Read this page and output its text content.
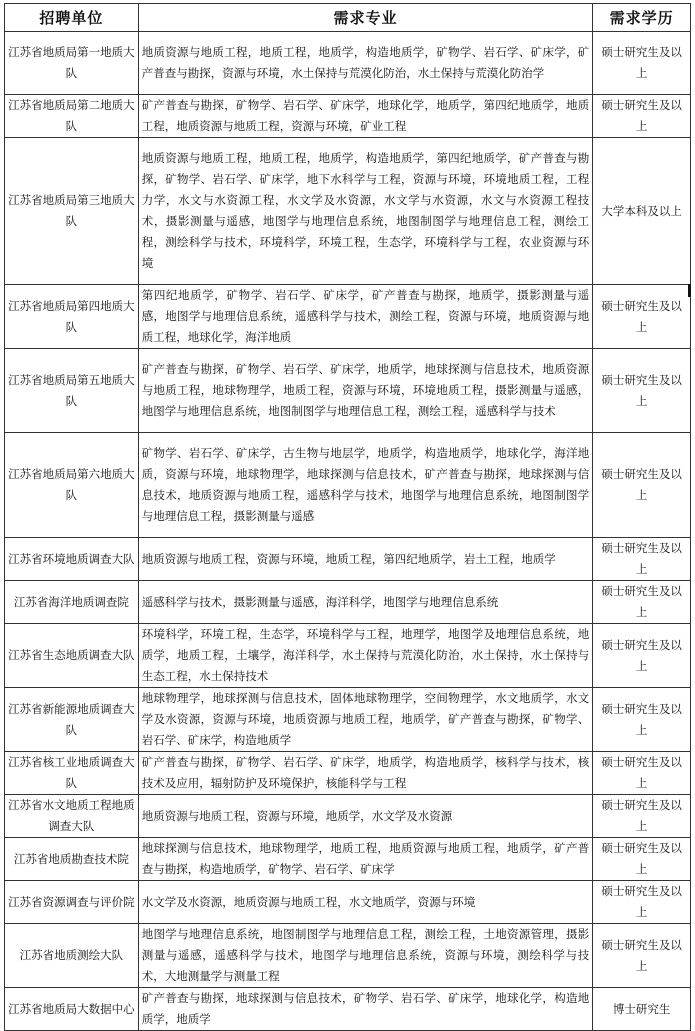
招聘单位	需求专业	需求学历
江苏省地质局第一地质大队	地质资源与地质工程，地质工程，地质学，构造地质学，矿物学、岩石学、矿床学，矿产普查与勘探，资源与环境，水土保持与荒漠化防治，水土保持与荒漠化防治学	硕士研究生及以上
江苏省地质局第二地质大队	矿产普查与勘探，矿物学、岩石学、矿床学，地球化学，地质学，第四纪地质学，地质工程，地质资源与地质工程，资源与环境，矿业工程	硕士研究生及以上
江苏省地质局第三地质大队	地质资源与地质工程，地质工程，地质学，构造地质学，第四纪地质学，矿产普查与勘探，矿物学、岩石学、矿床学，地下水科学与工程，资源与环境，环境地质工程，工程力学，水文与水资源工程，水文学及水资源，水文学与水资源，水文与水资源工程技术，摄影测量与遥感，地图学与地理信息系统，地图制图学与地理信息工程，测绘工程，测绘科学与技术，环境科学，环境工程，生态学，环境科学与工程，农业资源与环境	大学本科及以上
江苏省地质局第四地质大队	第四纪地质学，矿物学、岩石学、矿床学，矿产普查与勘探，地质学，摄影测量与遥感，地图学与地理信息系统，遥感科学与技术，测绘工程，资源与环境，地质资源与地质工程，地球化学，海洋地质	硕士研究生及以上
江苏省地质局第五地质大队	矿产普查与勘探，矿物学、岩石学、矿床学，地质学，地球探测与信息技术，地质资源与地质工程，地球物理学，地质工程，资源与环境，环境地质工程，摄影测量与遥感，地图学与地理信息系统，地图制图学与地理信息工程，测绘工程，遥感科学与技术	硕士研究生及以上
江苏省地质局第六地质大队	矿物学、岩石学、矿床学，古生物与地层学，地质学，构造地质学，地球化学，海洋地质，资源与环境，地球物理学，地球探测与信息技术，矿产普查与勘探，地球探测与信息技术，地质资源与地质工程，遥感科学与技术，地图学与地理信息系统，地图制图学与地理信息工程，摄影测量与遥感	硕士研究生及以上
江苏省环境地质调查大队	地质资源与地质工程，资源与环境，地质工程，第四纪地质学，岩土工程，地质学	硕士研究生及以上
江苏省海洋地质调查院	遥感科学与技术，摄影测量与遥感，海洋科学，地图学与地理信息系统	硕士研究生及以上
江苏省生态地质调查大队	环境科学，环境工程，生态学，环境科学与工程，地理学，地图学及地理信息系统，地质学，地质工程，土壤学，海洋科学，水土保持与荒漠化防治，水土保持，水土保持与生态工程，水土保持技术	硕士研究生及以上
江苏省新能源地质调查大队	地球物理学，地球探测与信息技术，固体地球物理学，空间物理学，水文地质学，水文学及水资源，资源与环境，地质资源与地质工程，地质学，矿产普查与勘探，矿物学、岩石学、矿床学，构造地质学	硕士研究生及以上
江苏省核工业地质调查大队	矿产普查与勘探，矿物学、岩石学、矿床学，地质学，构造地质学，核科学与技术，核技术及应用，辐射防护及环境保护，核能科学与工程	硕士研究生及以上
江苏省水文地质工程地质调查大队	地质资源与地质工程，资源与环境，地质学，水文学及水资源	硕士研究生及以上
江苏省地质勘查技术院	地球探测与信息技术，地球物理学，地质工程，地质资源与地质工程，地质学，矿产普查与勘探，构造地质学，矿物学、岩石学、矿床学	硕士研究生及以上
江苏省资源调查与评价院	水文学及水资源，地质资源与地质工程，水文地质学，资源与环境	硕士研究生及以上
江苏省地质测绘大队	地图学与地理信息系统，地图制图学与地理信息工程，测绘工程，土地资源管理，摄影测量与遥感，遥感科学与技术，地图学与地理信息系统，资源与环境，测绘科学与技术，大地测量学与测量工程	硕士研究生及以上
江苏省地质局大数据中心	矿产普查与勘探，地球探测与信息技术，矿物学、岩石学、矿床学，地球化学，构造地质学，地质学	博士研究生
